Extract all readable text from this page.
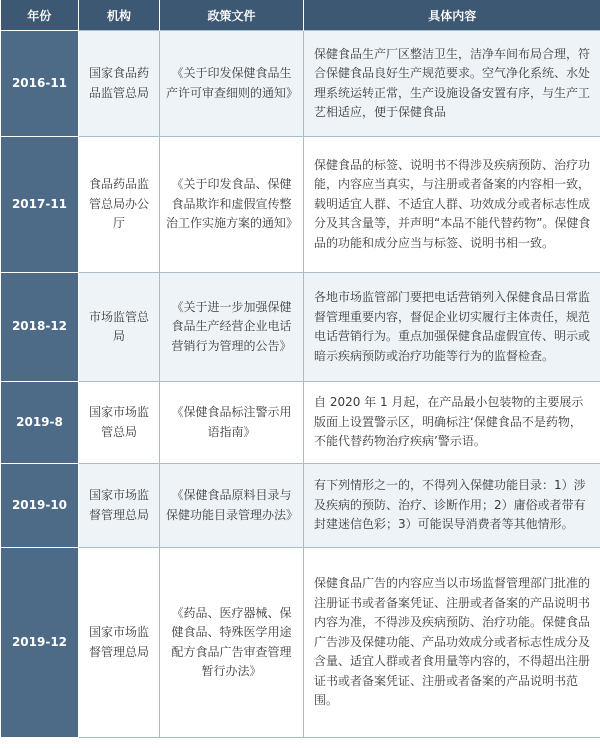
年份	机构	政策文件	具体内容
2016-11	国家食品药品监管总局	《关于印发保健食品生产许可审查细则的通知》	保健食品生产厂区整洁卫生，洁净车间布局合理，符合保健食品良好生产规范要求。空气净化系统、水处理系统运转正常，生产设施设备安置有序，与生产工艺相适应，便于保健食品
2017-11	食品药品监管总局办公厅	《关于印发食品、保健食品欺诈和虚假宣传整治工作实施方案的通知》	保健食品的标签、说明书不得涉及疾病预防、治疗功能，内容应当真实，与注册或者备案的内容相一致，载明适宜人群、不适宜人群、功效成分或者标志性成分及其含量等，并声明“本品不能代替药物”。保健食品的功能和成分应当与标签、说明书相一致。
2018-12	市场监管总局	《关于进一步加强保健食品生产经营企业电话营销行为管理的公告》	各地市场监管部门要把电话营销列入保健食品日常监督管理重要内容，督促企业切实履行主体责任，规范电话营销行为。重点加强保健食品虚假宣传、明示或暗示疾病预防或治疗功能等行为的监督检查。
2019-8	国家市场监管总局	《保健食品标注警示用语指南》	自 2020 年 1 月起，在产品最小包装物的主要展示版面上设置警示区，明确标注‘保健食品不是药物，不能代替药物治疗疾病’警示语。
2019-10	国家市场监督管理总局	《保健食品原料目录与保健功能目录管理办法》	有下列情形之一的，不得列入保健功能目录：1）涉及疾病的预防、治疗、诊断作用；2）庸俗或者带有封建迷信色彩；3）可能误导消费者等其他情形。
2019-12	国家市场监督管理总局	《药品、医疗器械、保健食品、特殊医学用途配方食品广告审查管理暂行办法》	保健食品广告的内容应当以市场监督管理部门批准的注册证书或者备案凭证、注册或者备案的产品说明书内容为准，不得涉及疾病预防、治疗功能。保健食品广告涉及保健功能、产品功效成分或者标志性成分及含量、适宜人群或者食用量等内容的，不得超出注册证书或者备案凭证、注册或者备案的产品说明书范围。
